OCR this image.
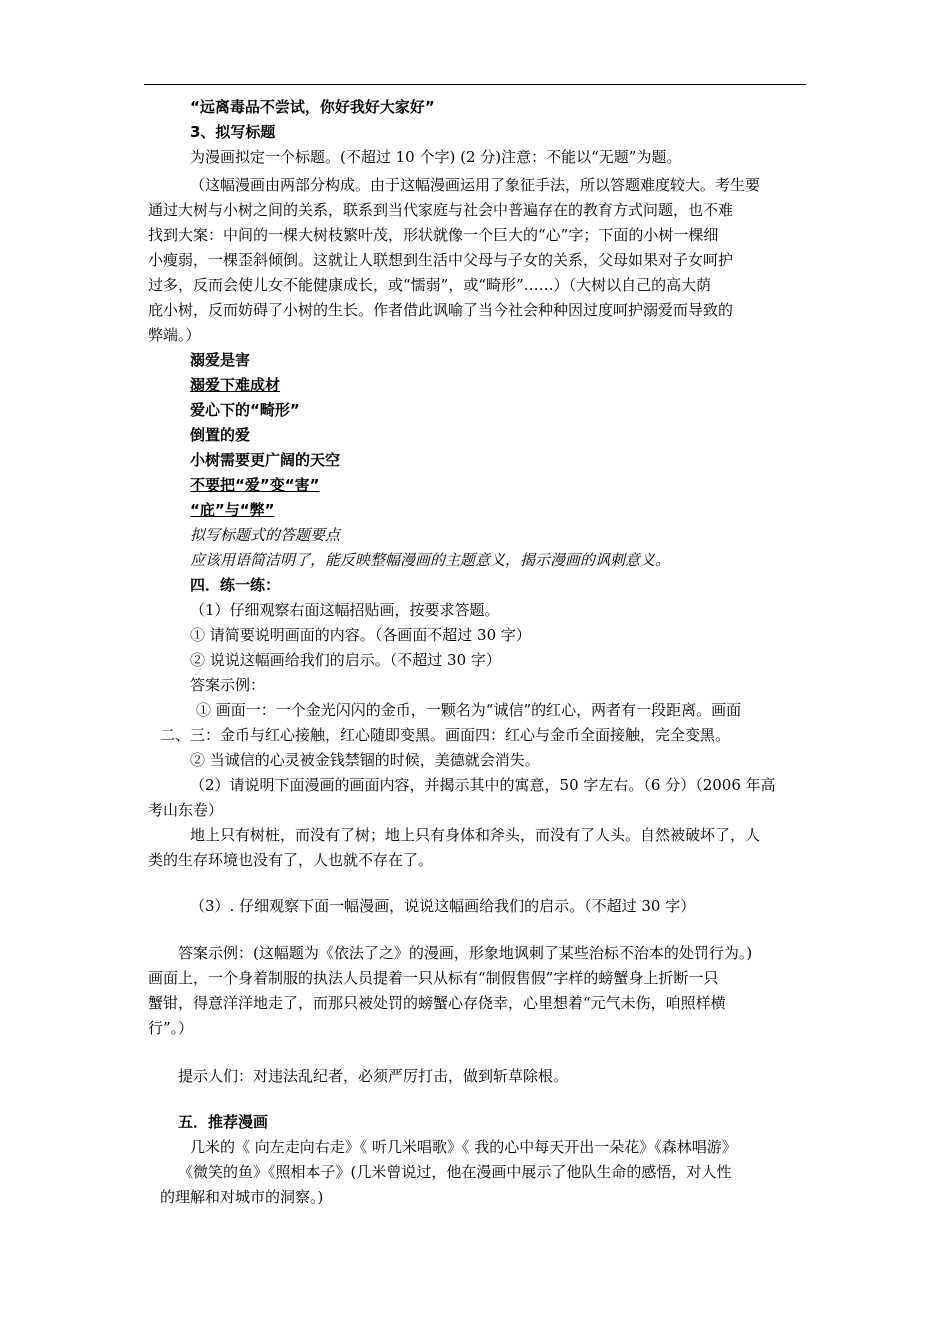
“远离毒品不尝试，你好我好大家好”
3、拟写标题
为漫画拟定一个标题。(不超过 10 个字) (2 分)注意：不能以“无题”为题。
（这幅漫画由两部分构成。由于这幅漫画运用了象征手法，所以答题难度较大。考生要
通过大树与小树之间的关系，联系到当代家庭与社会中普遍存在的教育方式问题，也不难
找到大案：中间的一棵大树枝繁叶茂，形状就像一个巨大的“心”字；下面的小树一棵细
小瘦弱，一棵歪斜倾倒。这就让人联想到生活中父母与子女的关系，父母如果对子女呵护
过多，反而会使儿女不能健康成长，或“懦弱”，或“畸形”……）（大树以自己的高大荫
庇小树，反而妨碍了小树的生长。作者借此讽喻了当今社会种种因过度呵护溺爱而导致的
弊端。）
溺爱是害
溺爱下难成材
爱心下的“畸形”
倒置的爱
小树需要更广阔的天空
不要把“爱”变“害”
“庇”与“弊”
拟写标题式的答题要点
应该用语简洁明了，能反映整幅漫画的主题意义，揭示漫画的讽刺意义。
四．练一练：
（1）仔细观察右面这幅招贴画，按要求答题。
① 请简要说明画面的内容。（各画面不超过 30 字）
② 说说这幅画给我们的启示。（不超过 30 字）
答案示例：
① 画面一：一个金光闪闪的金币，一颗名为“诚信”的红心，两者有一段距离。画面
二、三：金币与红心接触，红心随即变黑。画面四：红心与金币全面接触，完全变黑。
② 当诚信的心灵被金钱禁锢的时候，美德就会消失。
（2）请说明下面漫画的画面内容，并揭示其中的寓意，50 字左右。（6 分）（2006 年高
考山东卷）
地上只有树桩，而没有了树；地上只有身体和斧头，而没有了人头。自然被破坏了，人
类的生存环境也没有了，人也就不存在了。
（3）. 仔细观察下面一幅漫画，说说这幅画给我们的启示。（不超过 30 字）
答案示例：(这幅题为《依法了之》的漫画，形象地讽刺了某些治标不治本的处罚行为。)
画面上，一个身着制服的执法人员提着一只从标有“制假售假”字样的螃蟹身上折断一只
蟹钳，得意洋洋地走了，而那只被处罚的螃蟹心存侥幸，心里想着“元气未伤，咱照样横
行”。）
提示人们：对违法乱纪者，必须严厉打击，做到斩草除根。
五．推荐漫画
几米的《 向左走向右走》《 听几米唱歌》《 我的心中每天开出一朵花》《森林唱游》
《微笑的鱼》《照相本子》(几米曾说过，他在漫画中展示了他队生命的感悟，对人性
的理解和对城市的洞察。)
